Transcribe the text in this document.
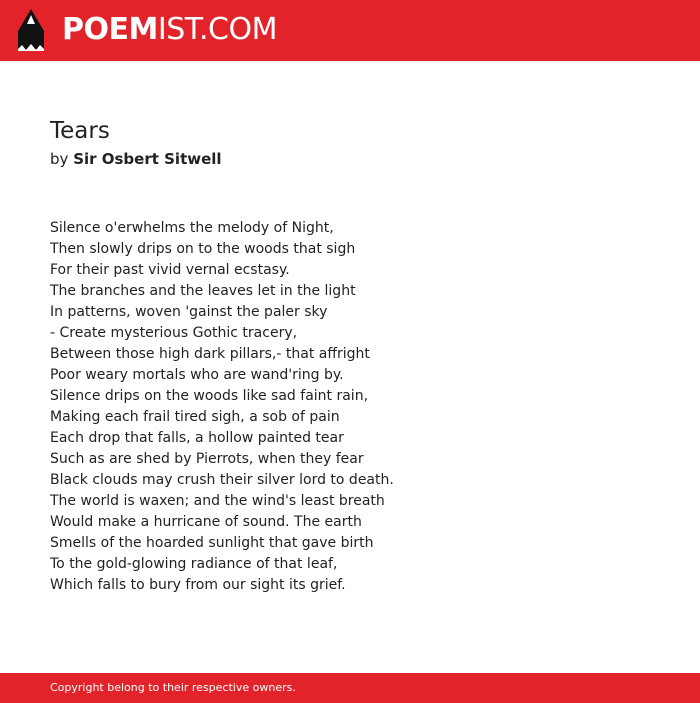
POEMIST.COM
Tears
by Sir Osbert Sitwell
Silence o'erwhelms the melody of Night,
Then slowly drips on to the woods that sigh
For their past vivid vernal ecstasy.
The branches and the leaves let in the light
In patterns, woven 'gainst the paler sky
- Create mysterious Gothic tracery,
Between those high dark pillars,- that affright
Poor weary mortals who are wand'ring by.
Silence drips on the woods like sad faint rain,
Making each frail tired sigh, a sob of pain
Each drop that falls, a hollow painted tear
Such as are shed by Pierrots, when they fear
Black clouds may crush their silver lord to death.
The world is waxen; and the wind's least breath
Would make a hurricane of sound. The earth
Smells of the hoarded sunlight that gave birth
To the gold-glowing radiance of that leaf,
Which falls to bury from our sight its grief.
Copyright belong to their respective owners.
